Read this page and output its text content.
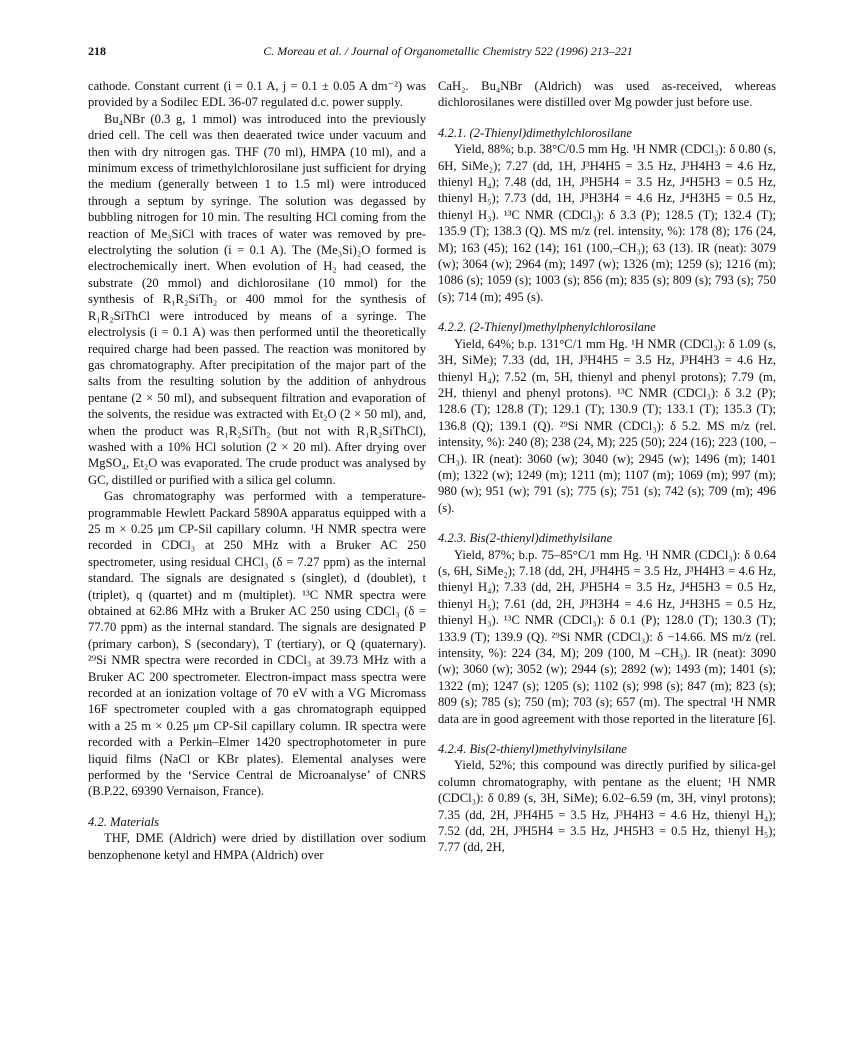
218	C. Moreau et al. / Journal of Organometallic Chemistry 522 (1996) 213–221

cathode. Constant current (i = 0.1 A, j = 0.1 ± 0.05 A dm⁻²) was provided by a Sodilec EDL 36-07 regulated d.c. power supply.

Bu₄NBr (0.3 g, 1 mmol) was introduced into the previously dried cell. The cell was then deaerated twice under vacuum and then with dry nitrogen gas. THF (70 ml), HMPA (10 ml), and a minimum excess of trimethylchlorosilane just sufficient for drying the medium (generally between 1 to 1.5 ml) were introduced through a septum by syringe. The solution was degassed by bubbling nitrogen for 10 min. The resulting HCl coming from the reaction of Me₃SiCl with traces of water was removed by pre-electrolyting the solution (i = 0.1 A). The (Me₃Si)₂O formed is electrochemically inert. When evolution of H₂ had ceased, the substrate (20 mmol) and dichlorosilane (10 mmol) for the synthesis of R₁R₂SiTh₂ or 400 mmol for the synthesis of R₁R₂SiThCl were introduced by means of a syringe. The electrolysis (i = 0.1 A) was then performed until the theoretically required charge had been passed. The reaction was monitored by gas chromatography. After precipitation of the major part of the salts from the resulting solution by the addition of anhydrous pentane (2 × 50 ml), and subsequent filtration and evaporation of the solvents, the residue was extracted with Et₂O (2 × 50 ml), and, when the product was R₁R₂SiTh₂ (but not with R₁R₂SiThCl), washed with a 10% HCl solution (2 × 20 ml). After drying over MgSO₄, Et₂O was evaporated. The crude product was analysed by GC, distilled or purified with a silica gel column.

Gas chromatography was performed with a temperature-programmable Hewlett Packard 5890A apparatus equipped with a 25 m × 0.25 μm CP-Sil capillary column. ¹H NMR spectra were recorded in CDCl₃ at 250 MHz with a Bruker AC 250 spectrometer, using residual CHCl₃ (δ = 7.27 ppm) as the internal standard. The signals are designated s (singlet), d (doublet), t (triplet), q (quartet) and m (multiplet). ¹³C NMR spectra were obtained at 62.86 MHz with a Bruker AC 250 using CDCl₃ (δ = 77.70 ppm) as the internal standard. The signals are designated P (primary carbon), S (secondary), T (tertiary), or Q (quaternary). ²⁹Si NMR spectra were recorded in CDCl₃ at 39.73 MHz with a Bruker AC 200 spectrometer. Electron-impact mass spectra were recorded at an ionization voltage of 70 eV with a VG Micromass 16F spectrometer coupled with a gas chromatograph equipped with a 25 m × 0.25 μm CP-Sil capillary column. IR spectra were recorded with a Perkin–Elmer 1420 spectrophotometer in pure liquid films (NaCl or KBr plates). Elemental analyses were performed by the ‘Service Central de Microanalyse’ of CNRS (B.P.22, 69390 Vernaison, France).

4.2. Materials

THF, DME (Aldrich) were dried by distillation over sodium benzophenone ketyl and HMPA (Aldrich) over

CaH₂. Bu₄NBr (Aldrich) was used as-received, whereas dichlorosilanes were distilled over Mg powder just before use.

4.2.1. (2-Thienyl)dimethylchlorosilane

Yield, 88%; b.p. 38°C/0.5 mm Hg. ¹H NMR (CDCl₃): δ 0.80 (s, 6H, SiMe₂); 7.27 (dd, 1H, J³H4H5 = 3.5 Hz, J³H4H3 = 4.6 Hz, thienyl H₄); 7.48 (dd, 1H, J³H5H4 = 3.5 Hz, J⁴H5H3 = 0.5 Hz, thienyl H₅); 7.73 (dd, 1H, J³H3H4 = 4.6 Hz, J⁴H3H5 = 0.5 Hz, thienyl H₃). ¹³C NMR (CDCl₃): δ 3.3 (P); 128.5 (T); 132.4 (T); 135.9 (T); 138.3 (Q). MS m/z (rel. intensity, %): 178 (8); 176 (24, M); 163 (45); 162 (14); 161 (100,–CH₃); 63 (13). IR (neat): 3079 (w); 3064 (w); 2964 (m); 1497 (w); 1326 (m); 1259 (s); 1216 (m); 1086 (s); 1059 (s); 1003 (s); 856 (m); 835 (s); 809 (s); 793 (s); 750 (s); 714 (m); 495 (s).

4.2.2. (2-Thienyl)methylphenylchlorosilane

Yield, 64%; b.p. 131°C/1 mm Hg. ¹H NMR (CDCl₃): δ 1.09 (s, 3H, SiMe); 7.33 (dd, 1H, J³H4H5 = 3.5 Hz, J³H4H3 = 4.6 Hz, thienyl H₄); 7.52 (m, 5H, thienyl and phenyl protons); 7.79 (m, 2H, thienyl and phenyl protons). ¹³C NMR (CDCl₃): δ 3.2 (P); 128.6 (T); 128.8 (T); 129.1 (T); 130.9 (T); 133.1 (T); 135.3 (T); 136.8 (Q); 139.1 (Q). ²⁹Si NMR (CDCl₃): δ 5.2. MS m/z (rel. intensity, %): 240 (8); 238 (24, M); 225 (50); 224 (16); 223 (100, –CH₃). IR (neat): 3060 (w); 3040 (w); 2945 (w); 1496 (m); 1401 (m); 1322 (w); 1249 (m); 1211 (m); 1107 (m); 1069 (m); 997 (m); 980 (w); 951 (w); 791 (s); 775 (s); 751 (s); 742 (s); 709 (m); 496 (s).

4.2.3. Bis(2-thienyl)dimethylsilane

Yield, 87%; b.p. 75–85°C/1 mm Hg. ¹H NMR (CDCl₃): δ 0.64 (s, 6H, SiMe₂); 7.18 (dd, 2H, J³H4H5 = 3.5 Hz, J³H4H3 = 4.6 Hz, thienyl H₄); 7.33 (dd, 2H, J³H5H4 = 3.5 Hz, J⁴H5H3 = 0.5 Hz, thienyl H₅); 7.61 (dd, 2H, J³H3H4 = 4.6 Hz, J⁴H3H5 = 0.5 Hz, thienyl H₃). ¹³C NMR (CDCl₃): δ 0.1 (P); 128.0 (T); 130.3 (T); 133.9 (T); 139.9 (Q). ²⁹Si NMR (CDCl₃): δ −14.66. MS m/z (rel. intensity, %): 224 (34, M); 209 (100, M –CH₃). IR (neat): 3090 (w); 3060 (w); 3052 (w); 2944 (s); 2892 (w); 1493 (m); 1401 (s); 1322 (m); 1247 (s); 1205 (s); 1102 (s); 998 (s); 847 (m); 823 (s); 809 (s); 785 (s); 750 (m); 703 (s); 657 (m). The spectral ¹H NMR data are in good agreement with those reported in the literature [6].

4.2.4. Bis(2-thienyl)methylvinylsilane

Yield, 52%; this compound was directly purified by silica-gel column chromatography, with pentane as the eluent; ¹H NMR (CDCl₃): δ 0.89 (s, 3H, SiMe); 6.02–6.59 (m, 3H, vinyl protons); 7.35 (dd, 2H, J³H4H5 = 3.5 Hz, J³H4H3 = 4.6 Hz, thienyl H₄); 7.52 (dd, 2H, J³H5H4 = 3.5 Hz, J⁴H5H3 = 0.5 Hz, thienyl H₅); 7.77 (dd, 2H,
